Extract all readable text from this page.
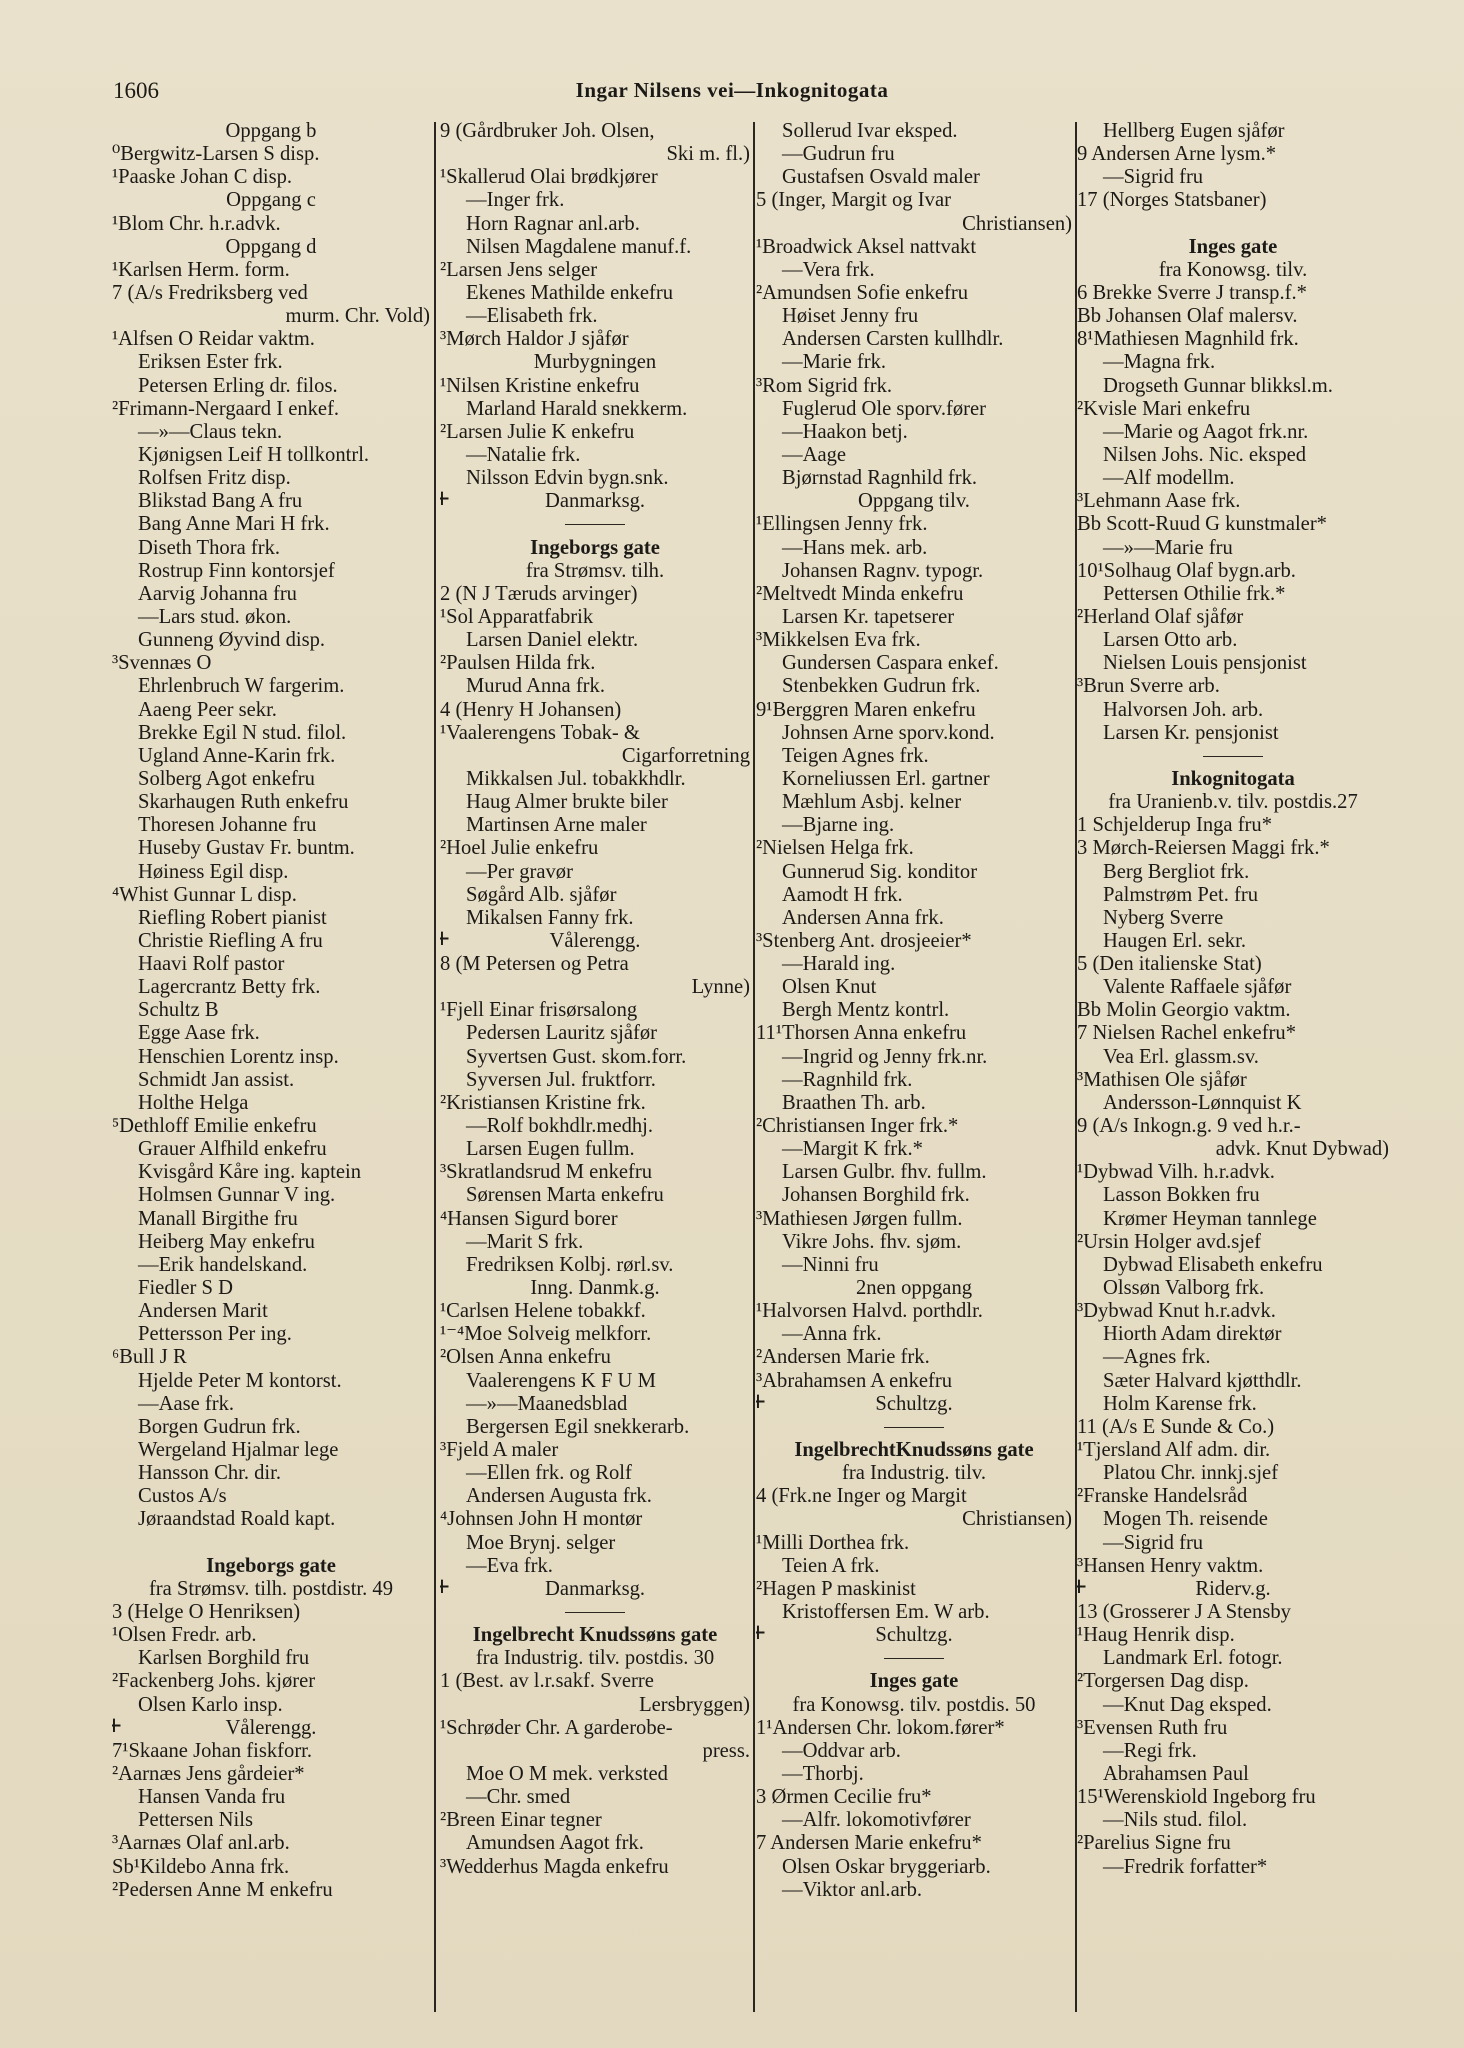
1606	Ingar Nilsens vei—Inkognitogata
Oppgang b
⁰Bergwitz-Larsen S disp.
¹Paaske Johan C disp.
Oppgang c
¹Blom Chr. h.r.advk.
Oppgang d
¹Karlsen Herm. form.
7 (A/s Fredriksberg ved
murm. Chr. Vold)
¹Alfsen O Reidar vaktm.
Eriksen Ester frk.
Petersen Erling dr. filos.
²Frimann-Nergaard I enkef.
—»—Claus tekn.
Kjønigsen Leif H tollkontrl.
Rolfsen Fritz disp.
Blikstad Bang A fru
Bang Anne Mari H frk.
Diseth Thora frk.
Rostrup Finn kontorsjef
Aarvig Johanna fru
—Lars stud. økon.
Gunneng Øyvind disp.
³Svennæs O
Ehrlenbruch W fargerim.
Aaeng Peer sekr.
Brekke Egil N stud. filol.
Ugland Anne-Karin frk.
Solberg Agot enkefru
Skarhaugen Ruth enkefru
Thoresen Johanne fru
Huseby Gustav Fr. buntm.
Høiness Egil disp.
⁴Whist Gunnar L disp.
Riefling Robert pianist
Christie Riefling A fru
Haavi Rolf pastor
Lagercrantz Betty frk.
Schultz B
Egge Aase frk.
Henschien Lorentz insp.
Schmidt Jan assist.
Holthe Helga
⁵Dethloff Emilie enkefru
Grauer Alfhild enkefru
Kvisgård Kåre ing. kaptein
Holmsen Gunnar V ing.
Manall Birgithe fru
Heiberg May enkefru
—Erik handelskand.
Fiedler S D
Andersen Marit
Pettersson Per ing.
⁶Bull J R
Hjelde Peter M kontorst.
—Aase frk.
Borgen Gudrun frk.
Wergeland Hjalmar lege
Hansson Chr. dir.
Custos A/s
Jøraandstad Roald kapt.
Ingeborgs gate
fra Strømsv. tilh. postdistr. 49
3 (Helge O Henriksen)
¹Olsen Fredr. arb.
Karlsen Borghild fru
²Fackenberg Johs. kjører
Olsen Karlo insp.
+ Vålerengg.
7¹Skaane Johan fiskforr.
²Aarnæs Jens gårdeier*
Hansen Vanda fru
Pettersen Nils
³Aarnæs Olaf anl.arb.
Sb¹Kildebo Anna frk.
²Pedersen Anne M enkefru
9 (Gårdbruker Joh. Olsen,
Ski m. fl.)
¹Skallerud Olai brødkjører
—Inger frk.
Horn Ragnar anl.arb.
Nilsen Magdalene manuf.f.
²Larsen Jens selger
Ekenes Mathilde enkefru
—Elisabeth frk.
³Mørch Haldor J sjåfør
Murbygningen
¹Nilsen Kristine enkefru
Marland Harald snekkerm.
²Larsen Julie K enkefru
—Natalie frk.
Nilsson Edvin bygn.snk.
+ Danmarksg.
Ingeborgs gate
fra Strømsv. tilh.
2 (N J Tæruds arvinger)
¹Sol Apparatfabrik
Larsen Daniel elektr.
²Paulsen Hilda frk.
Murud Anna frk.
4 (Henry H Johansen)
¹Vaalerengens Tobak- &
Cigarforretning
Mikkalsen Jul. tobakkhdlr.
Haug Almer brukte biler
Martinsen Arne maler
²Hoel Julie enkefru
—Per gravør
Søgård Alb. sjåfør
Mikalsen Fanny frk.
+ Vålerengg.
8 (M Petersen og Petra
Lynne)
¹Fjell Einar frisørsalong
Pedersen Lauritz sjåfør
Syvertsen Gust. skom.forr.
Syversen Jul. fruktforr.
²Kristiansen Kristine frk.
—Rolf bokhdlr.medhj.
Larsen Eugen fullm.
³Skratlandsrud M enkefru
Sørensen Marta enkefru
⁴Hansen Sigurd borer
—Marit S frk.
Fredriksen Kolbj. rørl.sv.
Inng. Danmk.g.
¹Carlsen Helene tobakkf.
¹⁻⁴Moe Solveig melkforr.
²Olsen Anna enkefru
Vaalerengens K F U M
—»—Maanedsblad
Bergersen Egil snekkerarb.
³Fjeld A maler
—Ellen frk. og Rolf
Andersen Augusta frk.
⁴Johnsen John H montør
Moe Brynj. selger
—Eva frk.
+ Danmarksg.
Ingelbrecht Knudssøns gate
fra Industrig. tilv. postdis. 30
1 (Best. av l.r.sakf. Sverre
Lersbryggen)
¹Schrøder Chr. A garderobe-
press.
Moe O M mek. verksted
—Chr. smed
²Breen Einar tegner
Amundsen Aagot frk.
³Wedderhus Magda enkefru
Sollerud Ivar eksped.
—Gudrun fru
Gustafsen Osvald maler
5 (Inger, Margit og Ivar
Christiansen)
¹Broadwick Aksel nattvakt
—Vera frk.
²Amundsen Sofie enkefru
Høiset Jenny fru
Andersen Carsten kullhdlr.
—Marie frk.
³Rom Sigrid frk.
Fuglerud Ole sporv.fører
—Haakon betj.
—Aage
Bjørnstad Ragnhild frk.
Oppgang tilv.
¹Ellingsen Jenny frk.
—Hans mek. arb.
Johansen Ragnv. typogr.
²Meltvedt Minda enkefru
Larsen Kr. tapetserer
³Mikkelsen Eva frk.
Gundersen Caspara enkef.
Stenbekken Gudrun frk.
9¹Berggren Maren enkefru
Johnsen Arne sporv.kond.
Teigen Agnes frk.
Korneliussen Erl. gartner
Mæhlum Asbj. kelner
—Bjarne ing.
²Nielsen Helga frk.
Gunnerud Sig. konditor
Aamodt H frk.
Andersen Anna frk.
³Stenberg Ant. drosjeeier*
—Harald ing.
Olsen Knut
Bergh Mentz kontrl.
11¹Thorsen Anna enkefru
—Ingrid og Jenny frk.nr.
—Ragnhild frk.
Braathen Th. arb.
²Christiansen Inger frk.*
—Margit K frk.*
Larsen Gulbr. fhv. fullm.
Johansen Borghild frk.
³Mathiesen Jørgen fullm.
Vikre Johs. fhv. sjøm.
—Ninni fru
2nen oppgang
¹Halvorsen Halvd. porthdlr.
—Anna frk.
²Andersen Marie frk.
³Abrahamsen A enkefru
+ Schultzg.
IngelbrechtKnudssøns gate
fra Industrig. tilv.
4 (Frk.ne Inger og Margit
Christiansen)
¹Milli Dorthea frk.
Teien A frk.
²Hagen P maskinist
Kristoffersen Em. W arb.
+ Schultzg.
Inges gate
fra Konowsg. tilv. postdis. 50
1¹Andersen Chr. lokom.fører*
—Oddvar arb.
—Thorbj.
3 Ørmen Cecilie fru*
—Alfr. lokomotivfører
7 Andersen Marie enkefru*
Olsen Oskar bryggeriarb.
—Viktor anl.arb.
Hellberg Eugen sjåfør
9 Andersen Arne lysm.*
—Sigrid fru
17 (Norges Statsbaner)
Inges gate
fra Konowsg. tilv.
6 Brekke Sverre J transp.f.*
Bb Johansen Olaf malersv.
8¹Mathiesen Magnhild frk.
—Magna frk.
Drogseth Gunnar blikksl.m.
²Kvisle Mari enkefru
—Marie og Aagot frk.nr.
Nilsen Johs. Nic. eksped
—Alf modellm.
³Lehmann Aase frk.
Bb Scott-Ruud G kunstmaler*
—»—Marie fru
10¹Solhaug Olaf bygn.arb.
Pettersen Othilie frk.*
²Herland Olaf sjåfør
Larsen Otto arb.
Nielsen Louis pensjonist
³Brun Sverre arb.
Halvorsen Joh. arb.
Larsen Kr. pensjonist
Inkognitogata
fra Uranienb.v. tilv. postdis.27
1 Schjelderup Inga fru*
3 Mørch-Reiersen Maggi frk.*
Berg Bergliot frk.
Palmstrøm Pet. fru
Nyberg Sverre
Haugen Erl. sekr.
5 (Den italienske Stat)
Valente Raffaele sjåfør
Bb Molin Georgio vaktm.
7 Nielsen Rachel enkefru*
Vea Erl. glassm.sv.
³Mathisen Ole sjåfør
Andersson-Lønnquist K
9 (A/s Inkogn.g. 9 ved h.r.-
advk. Knut Dybwad)
¹Dybwad Vilh. h.r.advk.
Lasson Bokken fru
Krømer Heyman tannlege
²Ursin Holger avd.sjef
Dybwad Elisabeth enkefru
Olssøn Valborg frk.
³Dybwad Knut h.r.advk.
Hiorth Adam direktør
—Agnes frk.
Sæter Halvard kjøtthdlr.
Holm Karense frk.
11 (A/s E Sunde & Co.)
¹Tjersland Alf adm. dir.
Platou Chr. innkj.sjef
²Franske Handelsråd
Mogen Th. reisende
—Sigrid fru
³Hansen Henry vaktm.
+ Riderv.g.
13 (Grosserer J A Stensby
¹Haug Henrik disp.
Landmark Erl. fotogr.
²Torgersen Dag disp.
—Knut Dag eksped.
³Evensen Ruth fru
—Regi frk.
Abrahamsen Paul
15¹Werenskiold Ingeborg fru
—Nils stud. filol.
²Parelius Signe fru
—Fredrik forfatter*
